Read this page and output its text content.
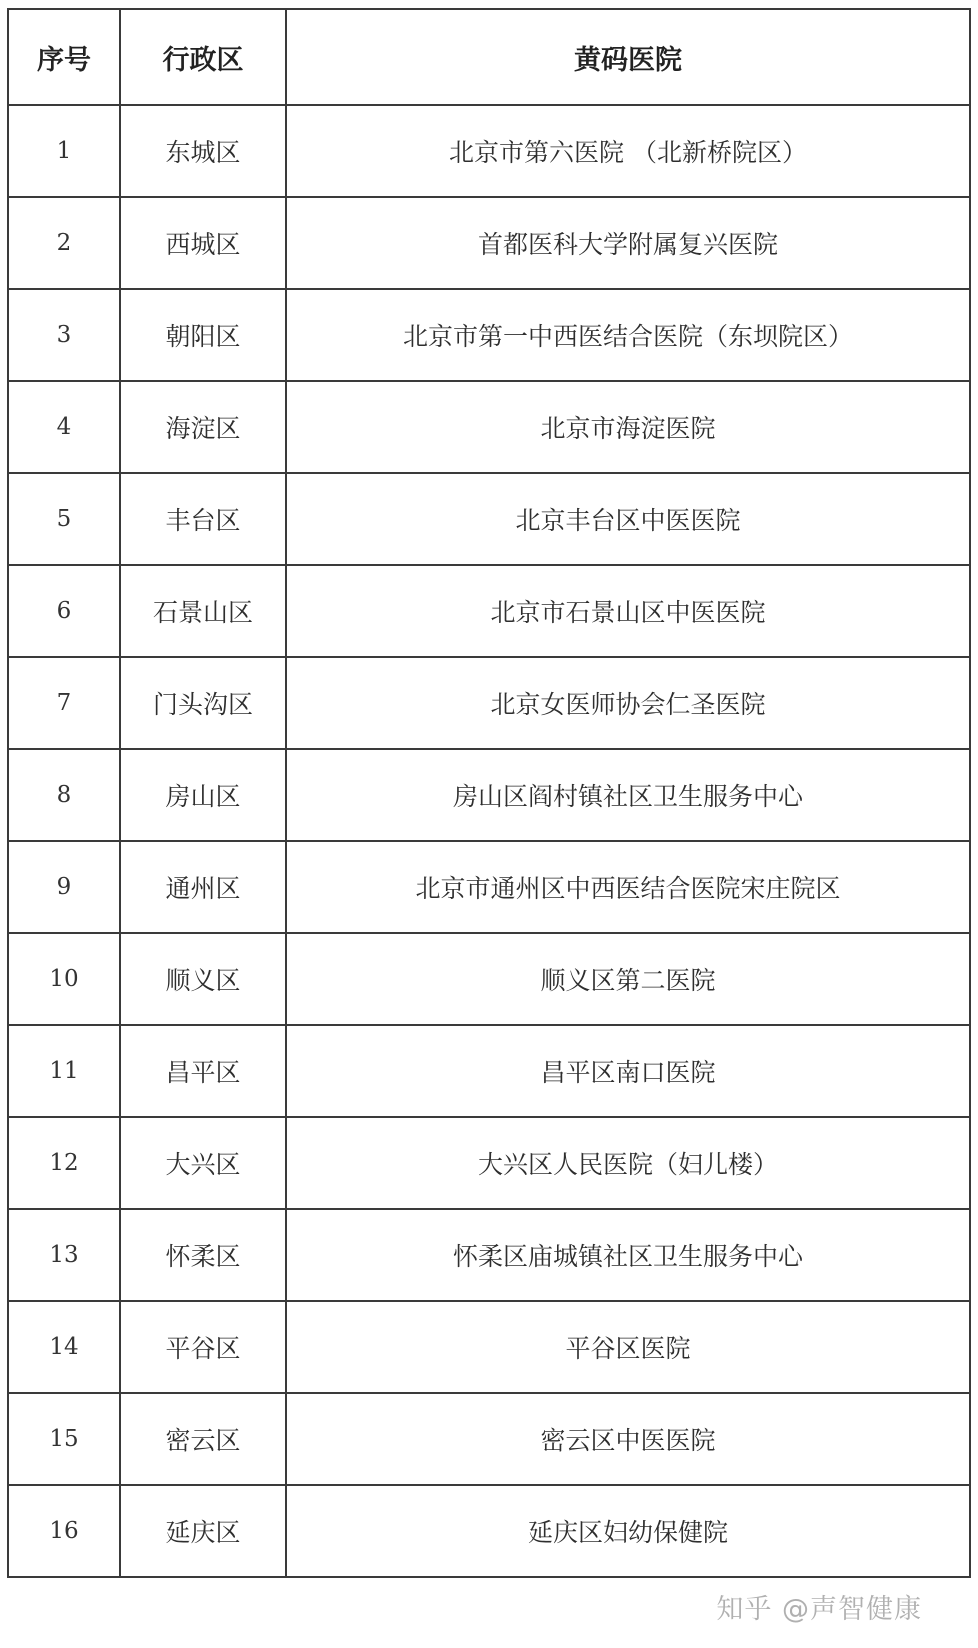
序号	行政区	黄码医院
1	东城区	北京市第六医院 （北新桥院区）
2	西城区	首都医科大学附属复兴医院
3	朝阳区	北京市第一中西医结合医院（东坝院区）
4	海淀区	北京市海淀医院
5	丰台区	北京丰台区中医医院
6	石景山区	北京市石景山区中医医院
7	门头沟区	北京女医师协会仁圣医院
8	房山区	房山区阎村镇社区卫生服务中心
9	通州区	北京市通州区中西医结合医院宋庄院区
10	顺义区	顺义区第二医院
11	昌平区	昌平区南口医院
12	大兴区	大兴区人民医院（妇儿楼）
13	怀柔区	怀柔区庙城镇社区卫生服务中心
14	平谷区	平谷区医院
15	密云区	密云区中医医院
16	延庆区	延庆区妇幼保健院
知乎 @声智健康
